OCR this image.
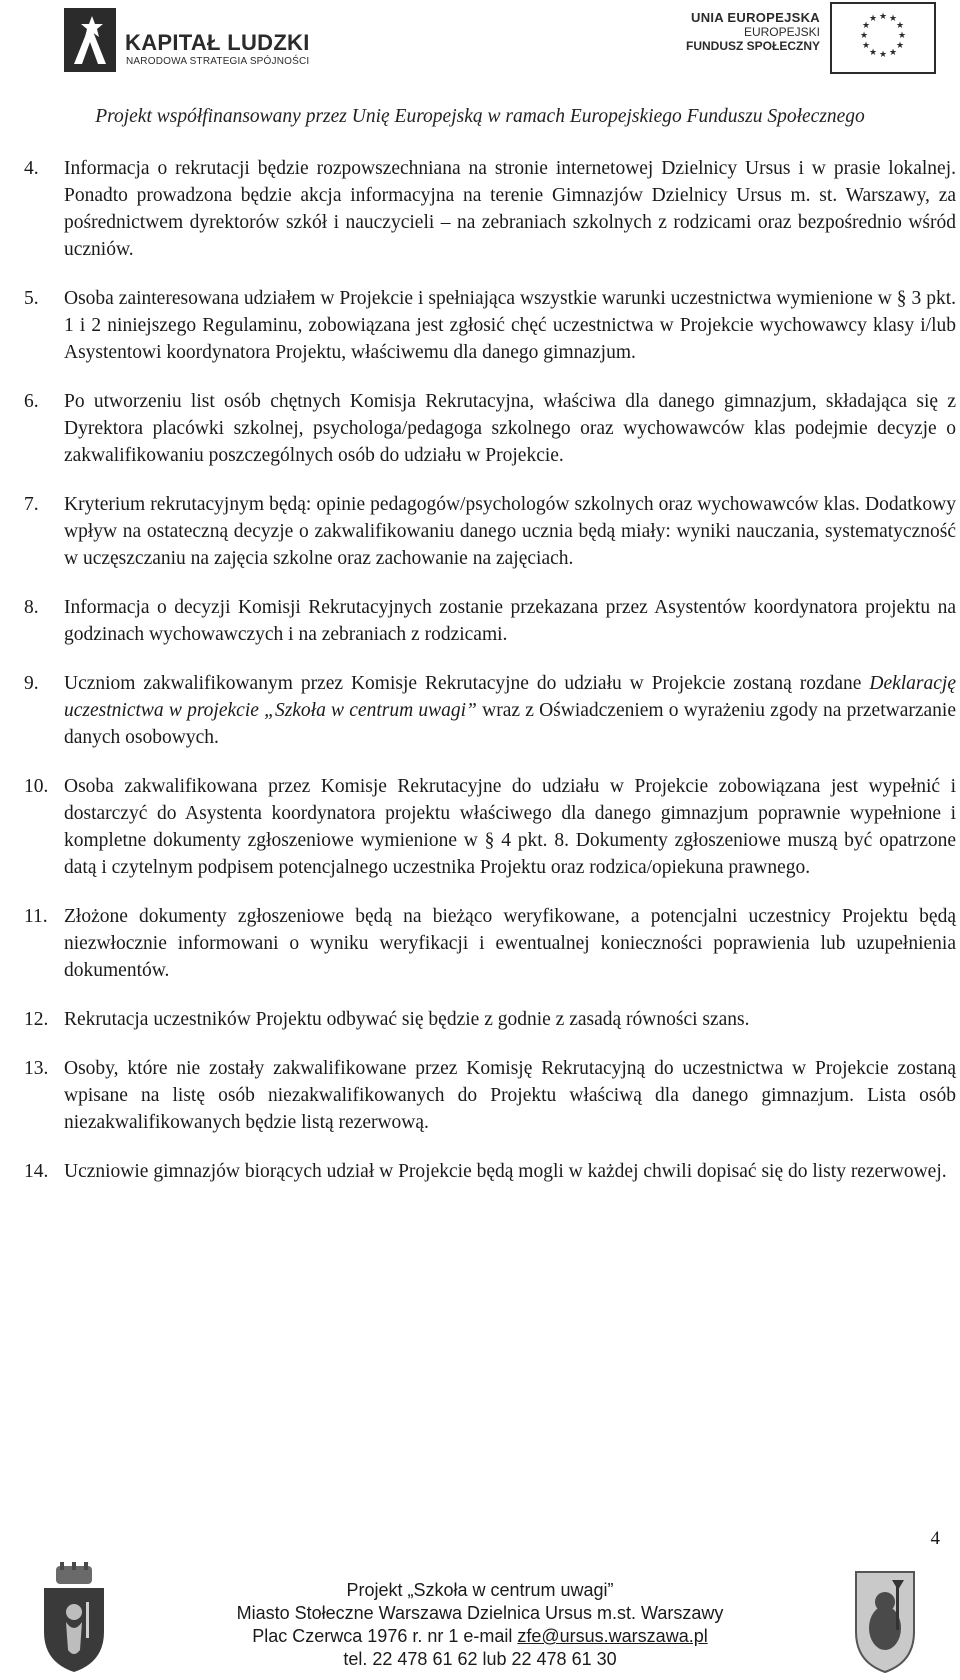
KAPITAŁ LUDZKI
NARODOWA STRATEGIA SPÓJNOŚCI
UNIA EUROPEJSKA
EUROPEJSKI
FUNDUSZ SPOŁECZNY
★ ★
★
★
★
★
★
★
★
★
★
★
Projekt współfinansowany przez Unię Europejską w ramach Europejskiego Funduszu Społecznego
4. Informacja o rekrutacji będzie rozpowszechniana na stronie internetowej Dzielnicy Ursus i w prasie lokalnej. Ponadto prowadzona będzie akcja informacyjna na terenie Gimnazjów Dzielnicy Ursus m. st. Warszawy, za pośrednictwem dyrektorów szkół i nauczycieli – na zebraniach szkolnych z rodzicami oraz bezpośrednio wśród uczniów.
5. Osoba zainteresowana udziałem w Projekcie i spełniająca wszystkie warunki uczestnictwa wymienione w § 3 pkt. 1 i 2 niniejszego Regulaminu, zobowiązana jest zgłosić chęć uczestnictwa w Projekcie wychowawcy klasy i/lub Asystentowi koordynatora Projektu, właściwemu dla danego gimnazjum.
6. Po utworzeniu list osób chętnych Komisja Rekrutacyjna, właściwa dla danego gimnazjum, składająca się z Dyrektora placówki szkolnej, psychologa/pedagoga szkolnego oraz wychowawców klas podejmie decyzje o zakwalifikowaniu poszczególnych osób do udziału w Projekcie.
7. Kryterium rekrutacyjnym będą: opinie pedagogów/psychologów szkolnych oraz wychowawców klas. Dodatkowy wpływ na ostateczną decyzje o zakwalifikowaniu danego ucznia będą miały: wyniki nauczania, systematyczność w uczęszczaniu na zajęcia szkolne oraz zachowanie na zajęciach.
8. Informacja o decyzji Komisji Rekrutacyjnych zostanie przekazana przez Asystentów koordynatora projektu na godzinach wychowawczych i na zebraniach z rodzicami.
9. Uczniom zakwalifikowanym przez Komisje Rekrutacyjne do udziału w Projekcie zostaną rozdane Deklarację uczestnictwa w projekcie „Szkoła w centrum uwagi” wraz z Oświadczeniem o wyrażeniu zgody na przetwarzanie danych osobowych.
10. Osoba zakwalifikowana przez Komisje Rekrutacyjne do udziału w Projekcie zobowiązana jest wypełnić i dostarczyć do Asystenta koordynatora projektu właściwego dla danego gimnazjum poprawnie wypełnione i kompletne dokumenty zgłoszeniowe wymienione w § 4 pkt. 8. Dokumenty zgłoszeniowe muszą być opatrzone datą i czytelnym podpisem potencjalnego uczestnika Projektu oraz rodzica/opiekuna prawnego.
11. Złożone dokumenty zgłoszeniowe będą na bieżąco weryfikowane, a potencjalni uczestnicy Projektu będą niezwłocznie informowani o wyniku weryfikacji i ewentualnej konieczności poprawienia lub uzupełnienia dokumentów.
12. Rekrutacja uczestników Projektu odbywać się będzie z godnie z zasadą równości szans.
13. Osoby, które nie zostały zakwalifikowane przez Komisję Rekrutacyjną do uczestnictwa w Projekcie zostaną wpisane na listę osób niezakwalifikowanych do Projektu właściwą dla danego gimnazjum. Lista osób niezakwalifikowanych będzie listą rezerwową.
14. Uczniowie gimnazjów biorących udział w Projekcie będą mogli w każdej chwili dopisać się do listy rezerwowej.
4
Projekt „Szkoła w centrum uwagi”
Miasto Stołeczne Warszawa Dzielnica Ursus m.st. Warszawy
Plac Czerwca 1976 r. nr 1 e-mail zfe@ursus.warszawa.pl
tel. 22 478 61 62 lub 22 478 61 30
